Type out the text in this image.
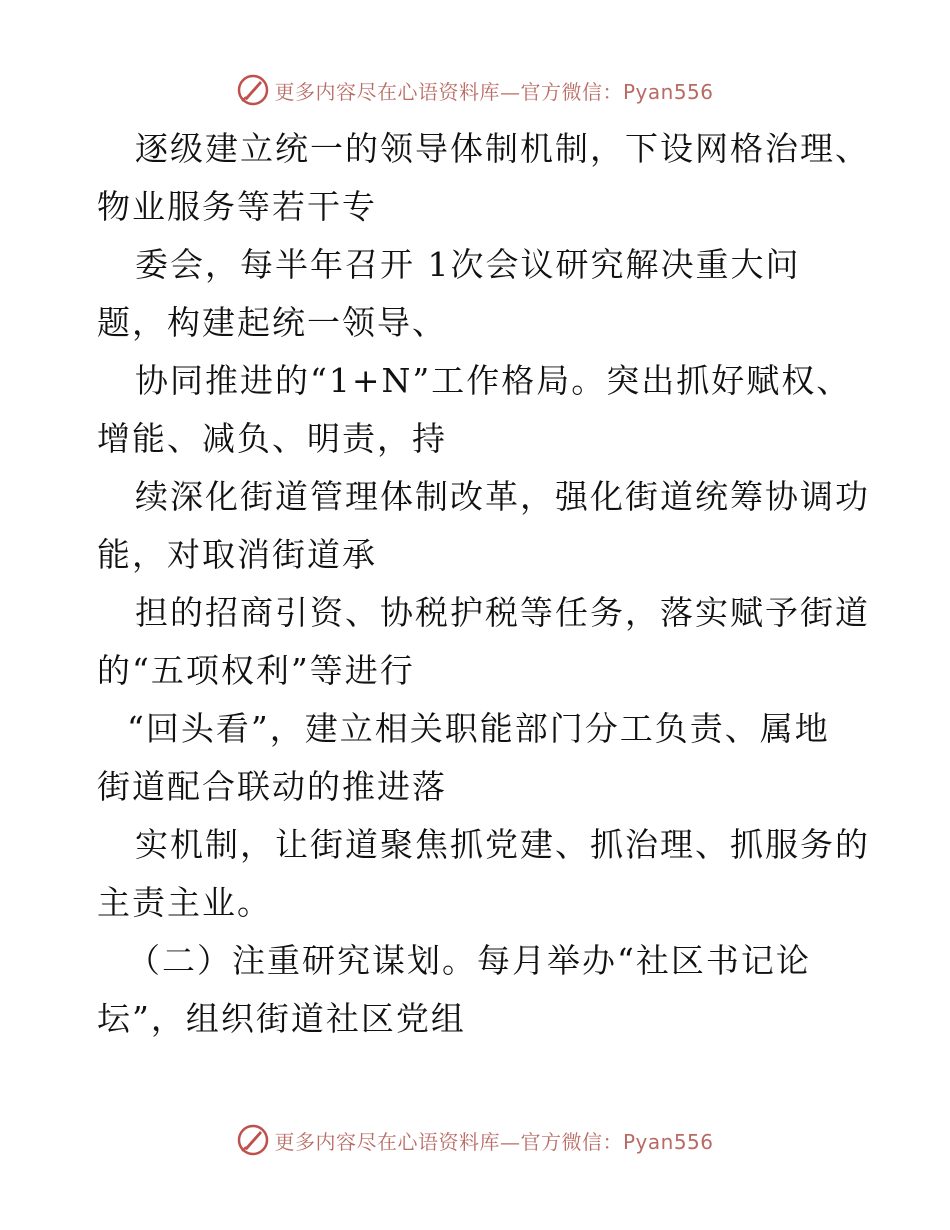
更多内容尽在心语资料库—官方微信：Pyan556
逐级建立统一的领导体制机制，下设网格治理、
物业服务等若干专
委会，每半年召开 1次会议研究解决重大问
题，构建起统一领导、
协同推进的“1+N”工作格局。突出抓好赋权、
增能、减负、明责，持
续深化街道管理体制改革，强化街道统筹协调功
能，对取消街道承
担的招商引资、协税护税等任务，落实赋予街道
的“五项权利”等进行
“回头看”，建立相关职能部门分工负责、属地
街道配合联动的推进落
实机制，让街道聚焦抓党建、抓治理、抓服务的
主责主业。
（二）注重研究谋划。每月举办“社区书记论
坛”，组织街道社区党组
更多内容尽在心语资料库—官方微信：Pyan556
